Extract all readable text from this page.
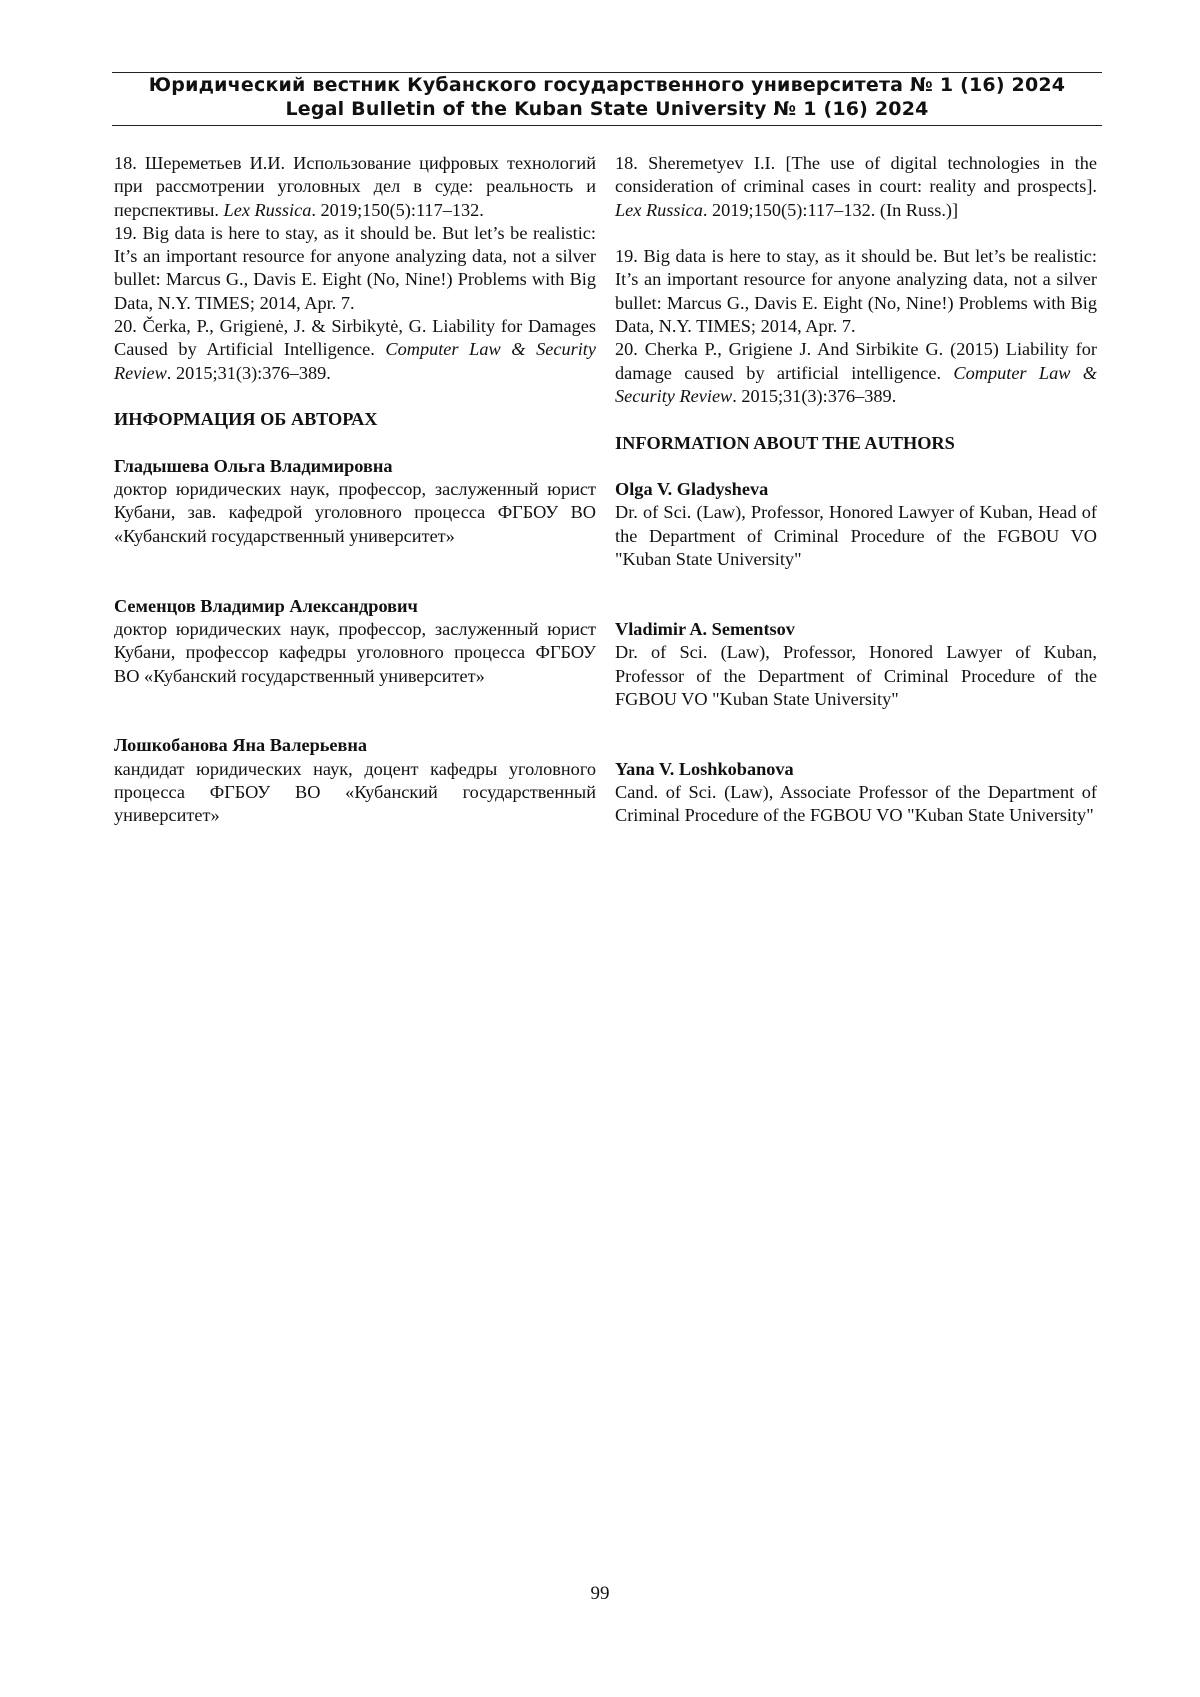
Юридический вестник Кубанского государственного университета № 1 (16) 2024
Legal Bulletin of the Kuban State University № 1 (16) 2024

18. Шереметьев И.И. Использование цифровых технологий при рассмотрении уголовных дел в суде: реальность и перспективы. Lex Russica. 2019;150(5):117–132.

19. Big data is here to stay, as it should be. But let’s be realistic: It’s an important resource for anyone analyzing data, not a silver bullet: Marcus G., Davis E. Eight (No, Nine!) Problems with Big Data, N.Y. TIMES; 2014, Apr. 7.

20. Čerka, P., Grigienė, J. & Sirbikytė, G. Liability for Damages Caused by Artificial Intelligence. Computer Law & Security Review. 2015;31(3):376–389.

ИНФОРМАЦИЯ ОБ АВТОРАХ

Гладышева Ольга Владимировна

доктор юридических наук, профессор, заслуженный юрист Кубани, зав. кафедрой уголовного процесса ФГБОУ ВО «Кубанский государственный университет»

Семенцов Владимир Александрович

доктор юридических наук, профессор, заслуженный юрист Кубани, профессор кафедры уголовного процесса ФГБОУ ВО «Кубанский государственный университет»

Лошкобанова Яна Валерьевна

кандидат юридических наук, доцент кафедры уголовного процесса ФГБОУ ВО «Кубанский государственный университет»

18. Sheremetyev I.I. [The use of digital technologies in the consideration of criminal cases in court: reality and prospects]. Lex Russica. 2019;150(5):117–132. (In Russ.)]

19. Big data is here to stay, as it should be. But let’s be realistic: It’s an important resource for anyone analyzing data, not a silver bullet: Marcus G., Davis E. Eight (No, Nine!) Problems with Big Data, N.Y. TIMES; 2014, Apr. 7.

20. Cherka P., Grigiene J. And Sirbikite G. (2015) Liability for damage caused by artificial intelligence. Computer Law & Security Review. 2015;31(3):376–389.

INFORMATION ABOUT THE AUTHORS

Olga V. Gladysheva

Dr. of Sci. (Law), Professor, Honored Lawyer of Kuban, Head of the Department of Criminal Procedure of the FGBOU VO "Kuban State University"

Vladimir A. Sementsov

Dr. of Sci. (Law), Professor, Honored Lawyer of Kuban, Professor of the Department of Criminal Procedure of the FGBOU VO "Kuban State University"

Yana V. Loshkobanova

Cand. of Sci. (Law), Associate Professor of the Department of Criminal Procedure of the FGBOU VO "Kuban State University"

99
